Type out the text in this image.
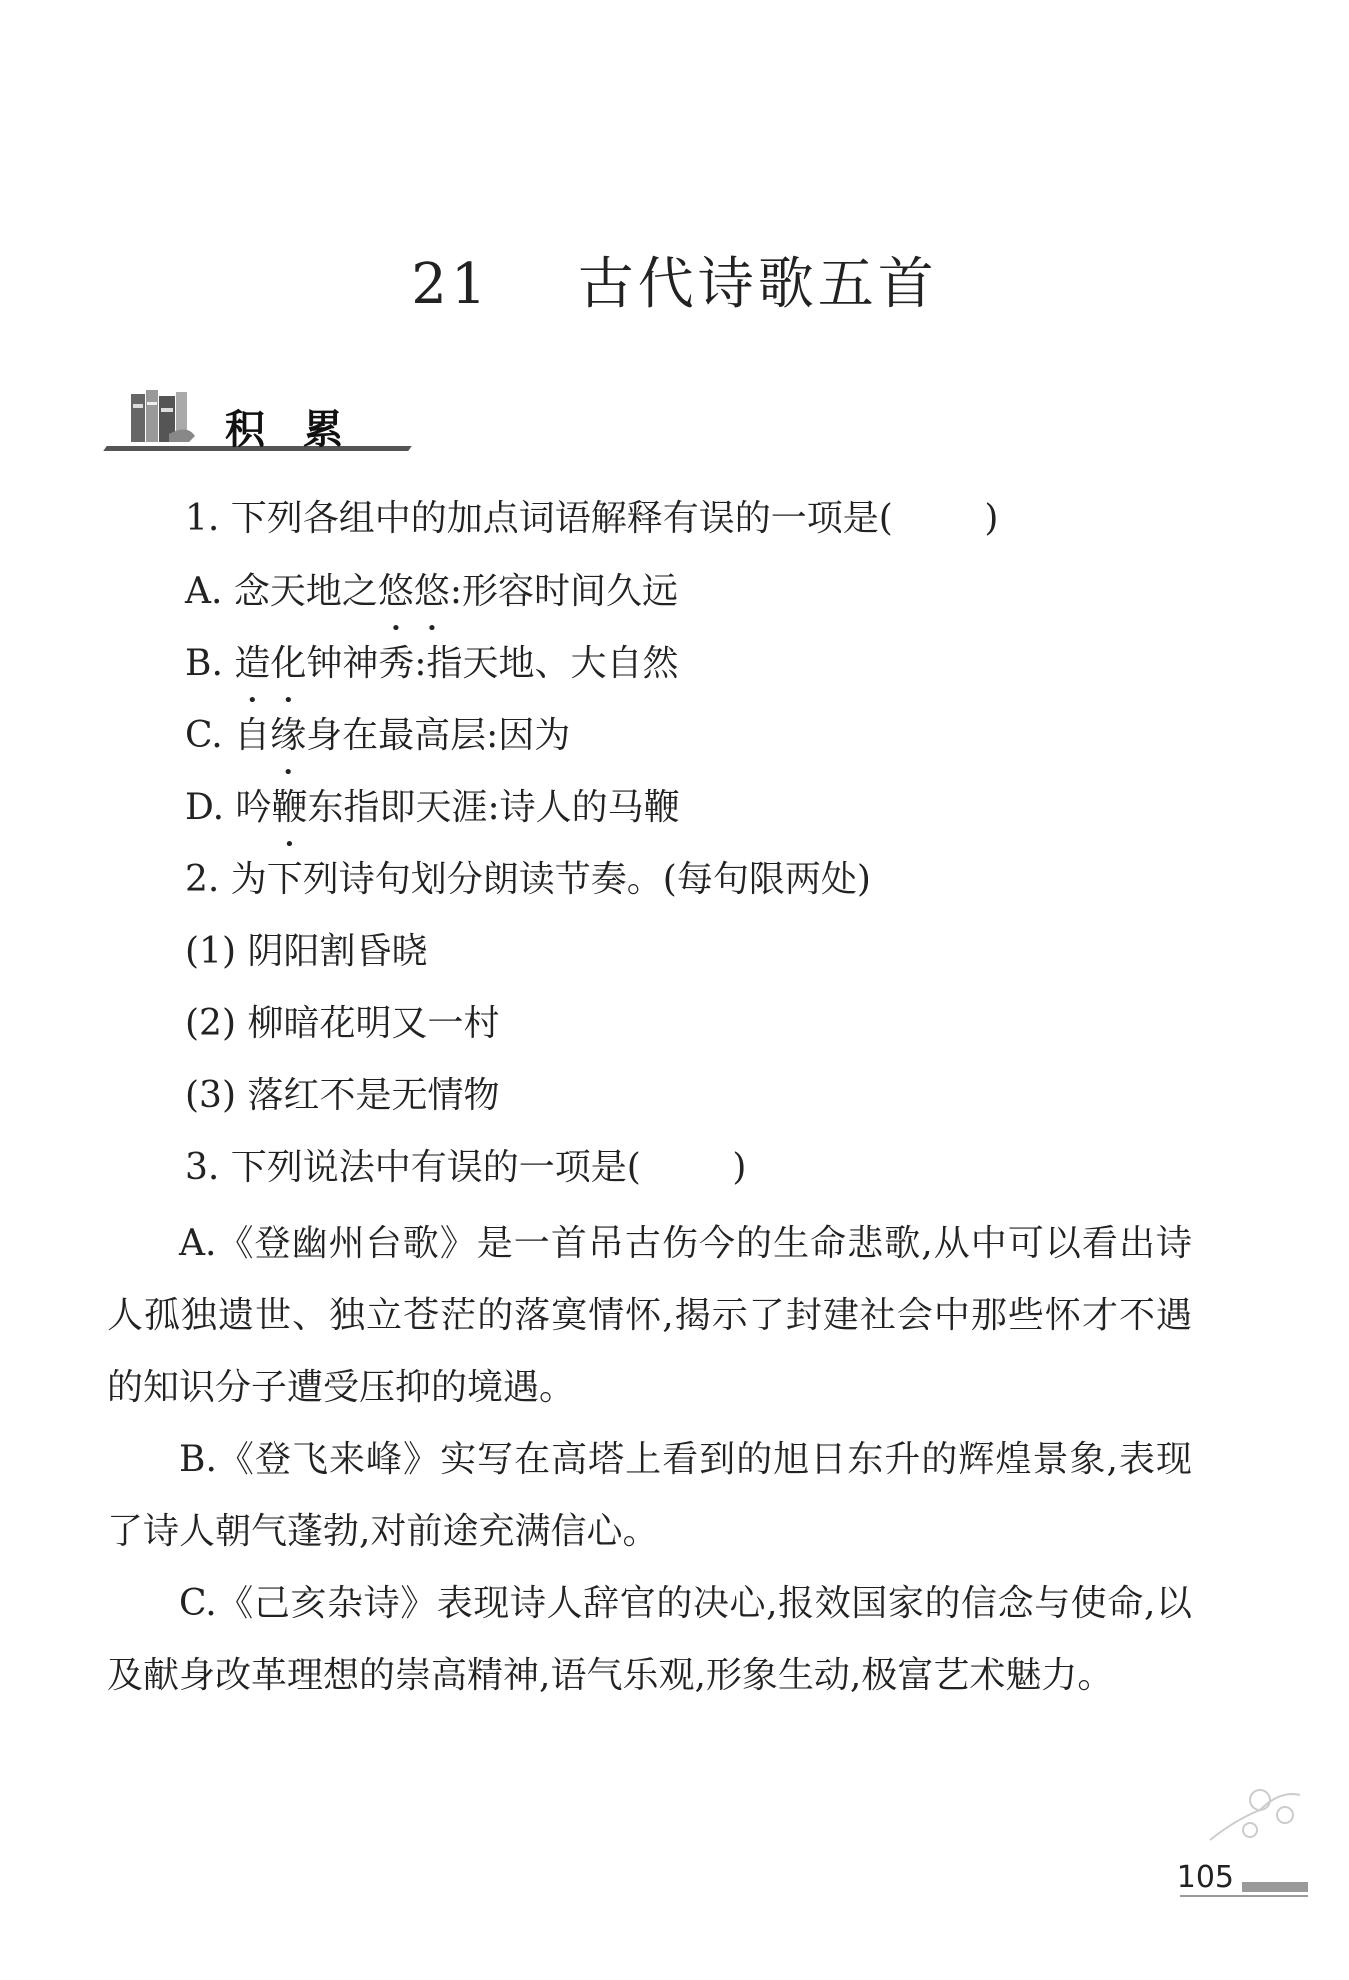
21    古代诗歌五首
积累
1. 下列各组中的加点词语解释有误的一项是(        )
A. 念天地之悠悠:形容时间久远
B. 造化钟神秀:指天地、大自然
C. 自缘身在最高层:因为
D. 吟鞭东指即天涯:诗人的马鞭
2. 为下列诗句划分朗读节奏。(每句限两处)
(1) 阴阳割昏晓
(2) 柳暗花明又一村
(3) 落红不是无情物
3. 下列说法中有误的一项是(        )
A.《登幽州台歌》是一首吊古伤今的生命悲歌,从中可以看出诗人孤独遗世、独立苍茫的落寞情怀,揭示了封建社会中那些怀才不遇的知识分子遭受压抑的境遇。
B.《登飞来峰》实写在高塔上看到的旭日东升的辉煌景象,表现了诗人朝气蓬勃,对前途充满信心。
C.《己亥杂诗》表现诗人辞官的决心,报效国家的信念与使命,以及献身改革理想的崇高精神,语气乐观,形象生动,极富艺术魅力。
105
